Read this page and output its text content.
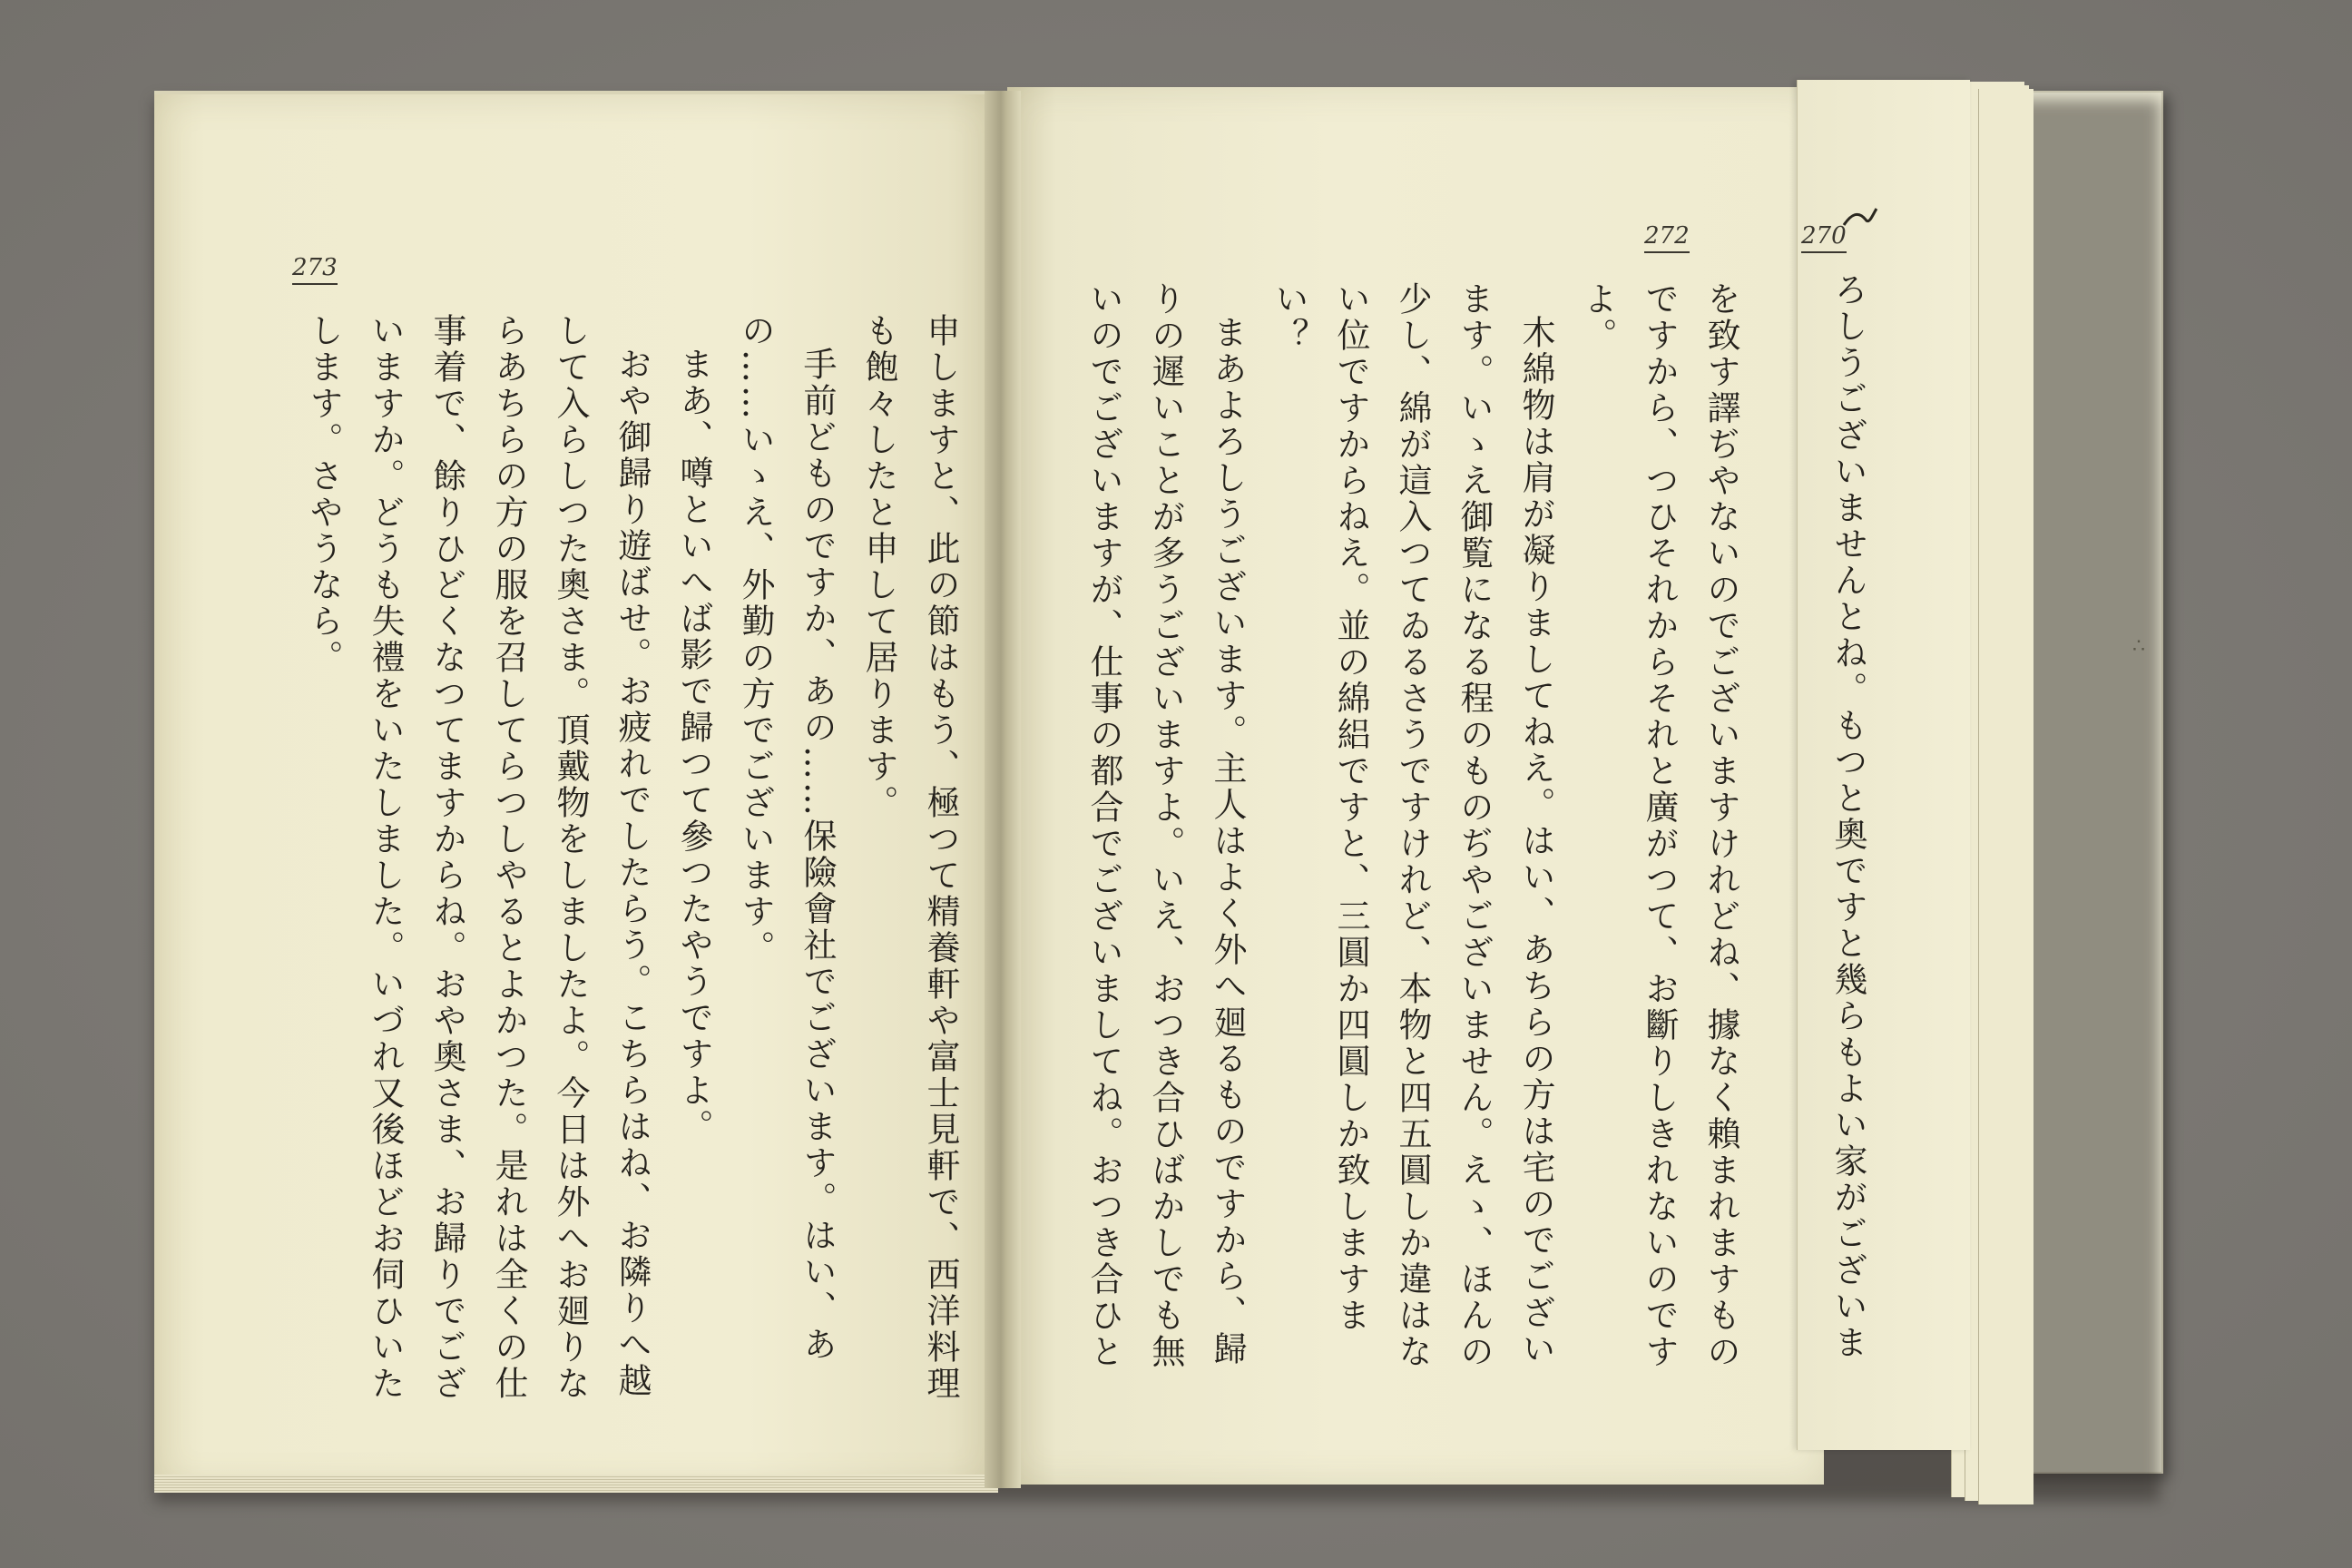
273
272	270

申しますと、此の節はもう、極つて精養軒や富士見軒で、西洋料理

も飽々したと申して居ります。

手前どものですか、あの……保險會社でございます。はい、あ

の……いゝえ、外勤の方でございます。

まあ、噂といへば影で歸つて參つたやうですよ。

おや御歸り遊ばせ。お疲れでしたらう。こちらはね、お隣りへ越

して入らしつた奧さま。頂戴物をしましたよ。今日は外へお廻りな

らあちらの方の服を召してらつしやるとよかつた。是れは全くの仕

事着で、餘りひどくなつてますからね。おや奧さま、お歸りでござ

いますか。どうも失禮をいたしました。いづれ又後ほどお伺ひいた

します。さやうなら。	を致す譯ぢやないのでございますけれどね、據なく賴まれますもの

ですから、つひそれからそれと廣がつて、お斷りしきれないのです

よ。

木綿物は肩が凝りましてねえ。はい、あちらの方は宅のでござい

ます。いゝえ御覧になる程のものぢやございません。えゝ、ほんの

少し、綿が這入つてゐるさうですけれど、本物と四五圓しか違はな

い位ですからねえ。並の綿絽ですと、三圓か四圓しか致しますま

い？

まあよろしうございます。主人はよく外へ廻るものですから、歸

りの遲いことが多うございますよ。いえ、おつき合ひばかしでも無

いのでございますが、仕事の都合でございましてね。おつき合ひと	ろしうございませんとね。もつと奧ですと幾らもよい家がございま	∴
